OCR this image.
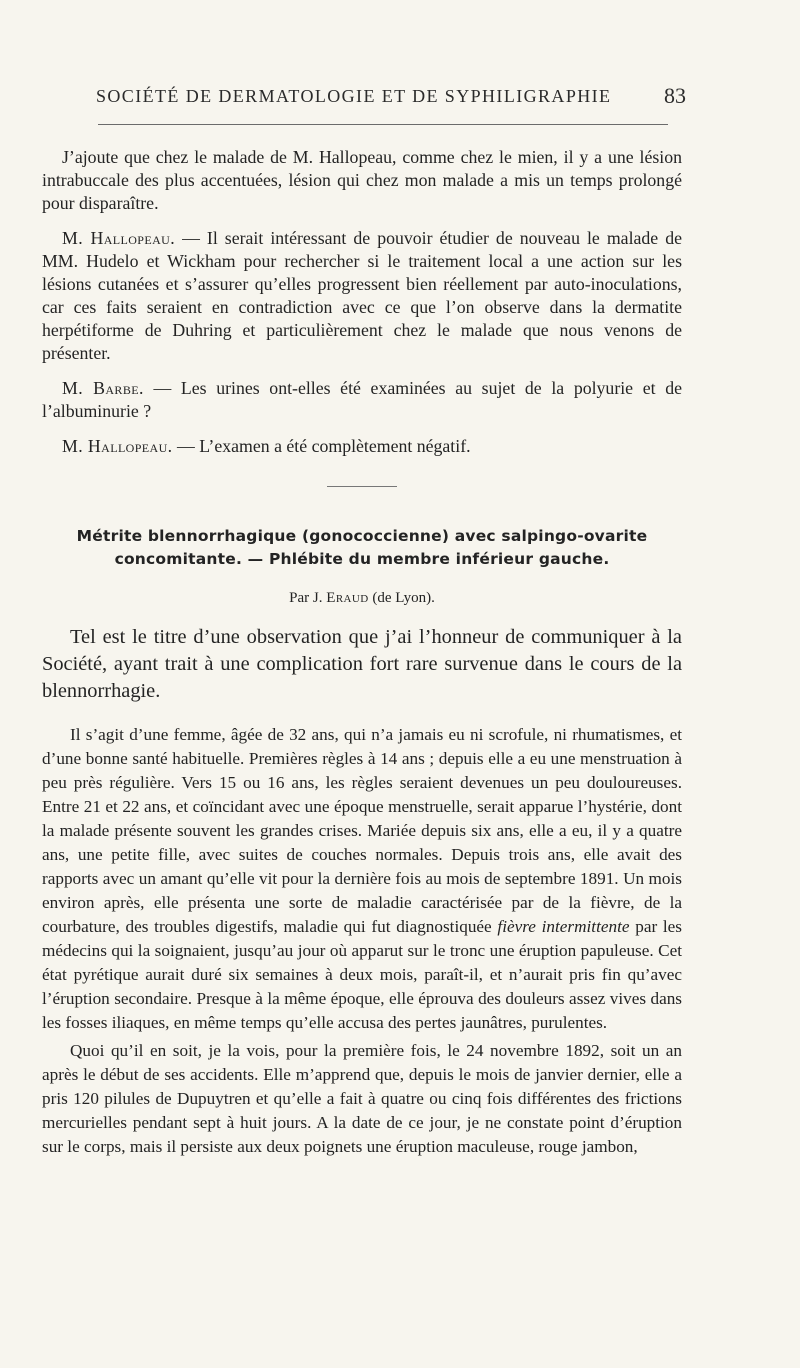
SOCIÉTÉ DE DERMATOLOGIE ET DE SYPHILIGRAPHIE 83

J’ajoute que chez le malade de M. Hallopeau, comme chez le mien, il y a une lésion intrabuccale des plus accentuées, lésion qui chez mon malade a mis un temps prolongé pour disparaître.

M. Hallopeau. — Il serait intéressant de pouvoir étudier de nouveau le malade de MM. Hudelo et Wickham pour rechercher si le traitement local a une action sur les lésions cutanées et s’assurer qu’elles progressent bien réellement par auto-inoculations, car ces faits seraient en contradiction avec ce que l’on observe dans la dermatite herpétiforme de Duhring et particulièrement chez le malade que nous venons de présenter.

M. Barbe. — Les urines ont-elles été examinées au sujet de la polyurie et de l’albuminurie ?

M. Hallopeau. — L’examen a été complètement négatif.

Métrite blennorrhagique (gonococcienne) avec salpingo-ovarite
concomitante. — Phlébite du membre inférieur gauche.
Par J. Eraud (de Lyon).

Tel est le titre d’une observation que j’ai l’honneur de communiquer à la Société, ayant trait à une complication fort rare survenue dans le cours de la blennorrhagie.

Il s’agit d’une femme, âgée de 32 ans, qui n’a jamais eu ni scrofule, ni rhumatismes, et d’une bonne santé habituelle. Premières règles à 14 ans ; depuis elle a eu une menstruation à peu près régulière. Vers 15 ou 16 ans, les règles seraient devenues un peu douloureuses. Entre 21 et 22 ans, et coïncidant avec une époque menstruelle, serait apparue l’hystérie, dont la malade présente souvent les grandes crises. Mariée depuis six ans, elle a eu, il y a quatre ans, une petite fille, avec suites de couches normales. Depuis trois ans, elle avait des rapports avec un amant qu’elle vit pour la dernière fois au mois de septembre 1891. Un mois environ après, elle présenta une sorte de maladie caractérisée par de la fièvre, de la courbature, des troubles digestifs, maladie qui fut diagnostiquée fièvre intermittente par les médecins qui la soignaient, jusqu’au jour où apparut sur le tronc une éruption papuleuse. Cet état pyrétique aurait duré six semaines à deux mois, paraît-il, et n’aurait pris fin qu’avec l’éruption secondaire. Presque à la même époque, elle éprouva des douleurs assez vives dans les fosses iliaques, en même temps qu’elle accusa des pertes jaunâtres, purulentes.

Quoi qu’il en soit, je la vois, pour la première fois, le 24 novembre 1892, soit un an après le début de ses accidents. Elle m’apprend que, depuis le mois de janvier dernier, elle a pris 120 pilules de Dupuytren et qu’elle a fait à quatre ou cinq fois différentes des frictions mercurielles pendant sept à huit jours. A la date de ce jour, je ne constate point d’éruption sur le corps, mais il persiste aux deux poignets une éruption maculeuse, rouge jambon,
